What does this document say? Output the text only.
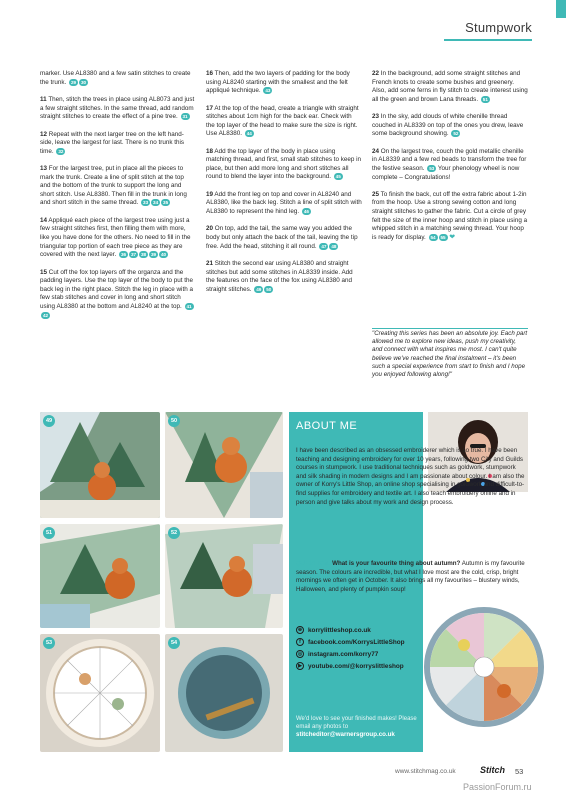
Stumpwork

marker. Use AL8380 and a few satin stitches to create the trunk. 29 30

11 Then, stitch the trees in place using AL8073 and just a few straight stitches. In the same thread, add random straight stitches to create the effect of a pine tree. 31

12 Repeat with the next larger tree on the left hand-side, leave the largest for last. There is no trunk this time. 32

13 For the largest tree, put in place all the pieces to mark the trunk. Create a line of split stitch at the top and the bottom of the trunk to support the long and short stitch. Use AL8380. Then fill in the trunk in long and short stitch in the same thread. 33 34 35

14 Appliqué each piece of the largest tree using just a few straight stitches first, then filling them with more, like you have done for the others. No need to fill in the triangular top portion of each tree piece as they are covered with the next layer. 36 37 38 39 40

15 Cut off the fox top layers off the organza and the padding layers. Use the top layer of the body to put the back leg in the right place. Stitch the leg in place with a few stab stitches and cover in long and short stitch using AL8380 at the bottom and AL8240 at the top. 4142

16 Then, add the two layers of padding for the body using AL8240 starting with the smallest and the felt appliqué technique. 43

17 At the top of the head, create a triangle with straight stitches about 1cm high for the back ear. Check with the top layer of the head to make sure the size is right. Use AL8380. 44

18 Add the top layer of the body in place using matching thread, and first, small stab stitches to keep in place, but then add more long and short stitches all round to blend the layer into the background. 45

19 Add the front leg on top and cover in AL8240 and AL8380, like the back leg. Stitch a line of split stitch with AL8380 to represent the hind leg. 46

20 On top, add the tail, the same way you added the body but only attach the back of the tail, leaving the tip free. Add the head, stitching it all round. 47 48

21 Stitch the second ear using AL8380 and straight stitches but add some stitches in AL8339 inside. Add the features on the face of the fox using AL8380 and straight stitches. 49 50

22 In the background, add some straight stitches and French knots to create some bushes and greenery. Also, add some ferns in fly stitch to create interest using all the green and brown Lana threads. 51

23 In the sky, add clouds of white chenille thread couched in AL8339 on top of the ones you drew, leave some background showing. 52

24 On the largest tree, couch the gold metallic chenille in AL8339 and a few red beads to transform the tree for the festive season. 53 Your phenology wheel is now complete – Congratulations!

25 To finish the back, cut off the extra fabric about 1-2in from the hoop. Use a strong sewing cotton and long straight stitches to gather the fabric. Cut a circle of grey felt the size of the inner hoop and stitch in place using a whipped stitch in a matching sewing thread. Your hoop is ready for display. 54 55 ❤

"Creating this series has been an absolute joy. Each part allowed me to explore new ideas, push my creativity, and connect with what inspires me most. I can't quite believe we've reached the final instalment – it's been such a special experience from start to finish and I hope you enjoyed following along!"
49	50
51	52
53	54
ABOUT ME
I have been described as an obsessed embroiderer which is so true. I have been teaching and designing embroidery for over 10 years, following two City and Guilds courses in stumpwork. I use traditional techniques such as goldwork, stumpwork and silk shading in modern designs and I am passionate about colour. I am also the owner of Korry's Little Shop, an online shop specialising in goldwork and difficult-to-find supplies for embroidery and textile art. I also teach embroidery online and in person and give talks about my work and design process.
QUESTION: What is your favourite thing about autumn? Autumn is my favourite season. The colours are incredible, but what I love most are the cold, crisp, bright mornings we often get in October. It also brings all my favourites – blustery winds, Halloween, and plenty of pumpkin soup!
⊕ korrylittleshop.co.uk
f	facebook.com/KorrysLittleShop
◎ instagram.com/korry77
▶ youtube.com/@korryslittleshop
We'd love to see your finished makes! Please email any photos to
stitcheditor@warnersgroup.co.uk
www.stitchmag.co.uk	Stitch 53
PassionForum.ru
